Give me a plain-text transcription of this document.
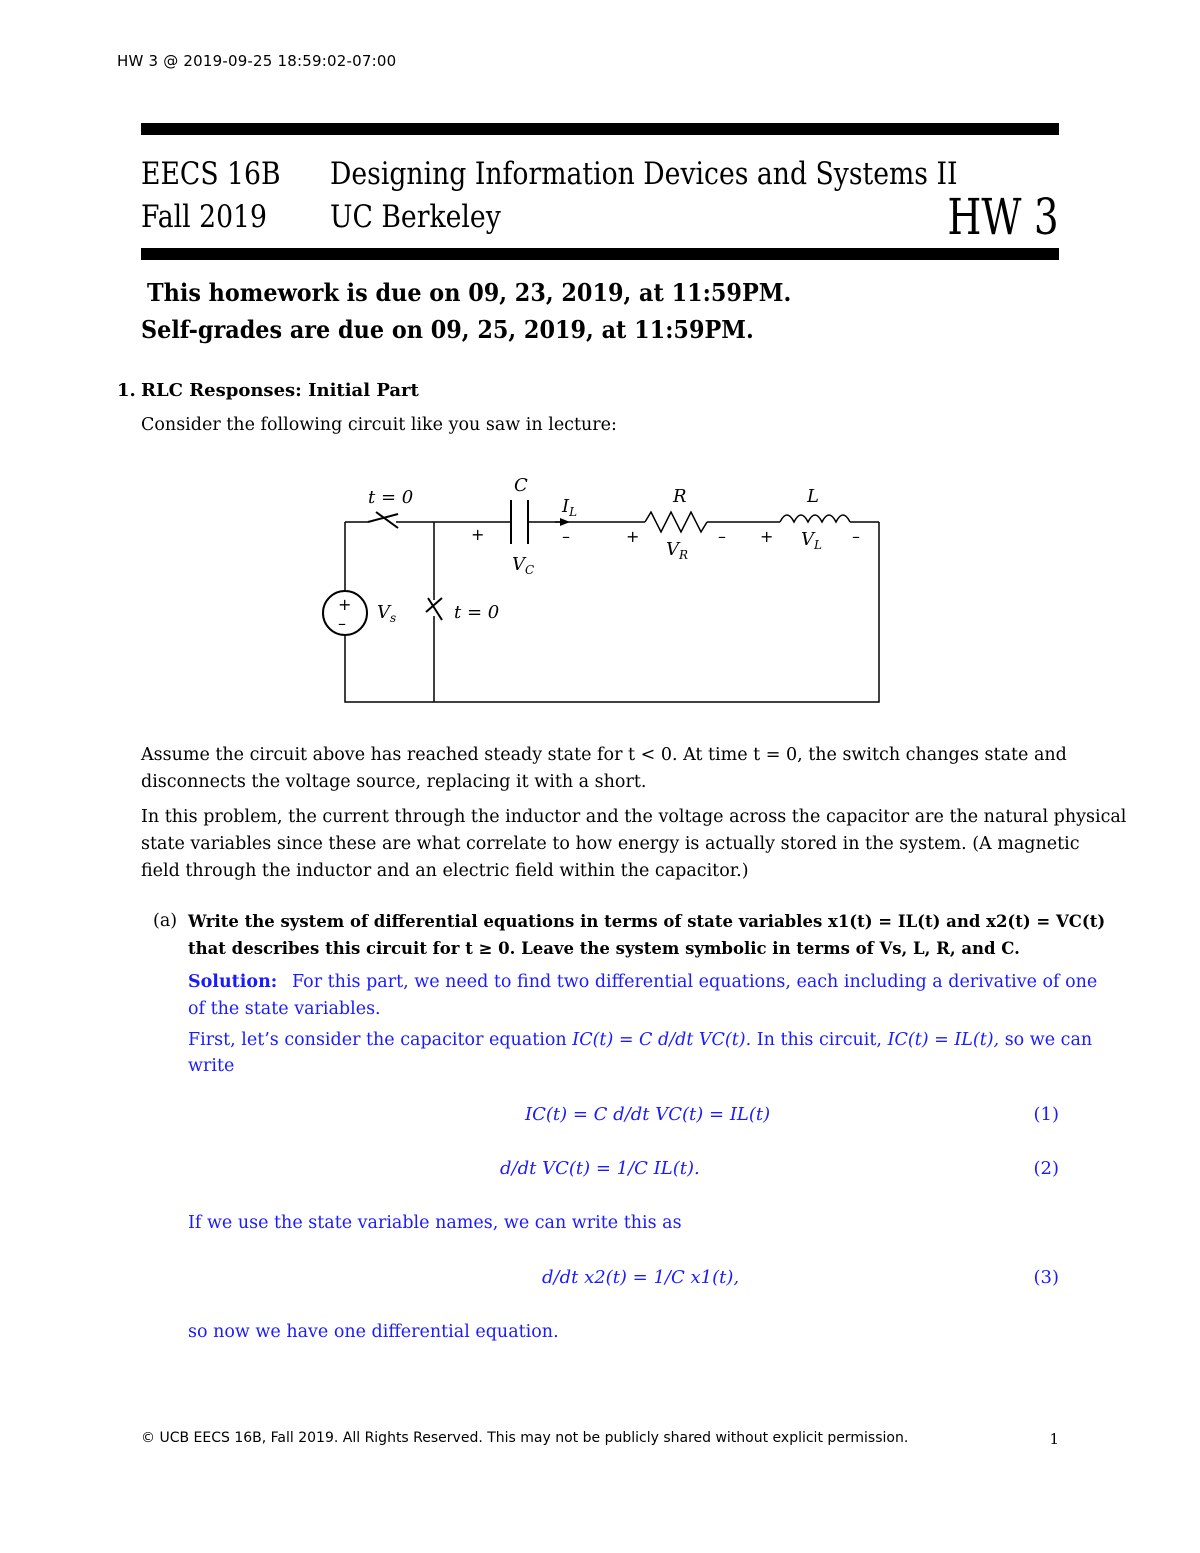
HW 3 @ 2019-09-25 18:59:02-07:00
EECS 16B
Fall 2019
Designing Information Devices and Systems II
UC Berkeley	HW 3
This homework is due on 09, 23, 2019, at 11:59PM.
Self-grades are due on 09, 25, 2019, at 11:59PM.
1. RLC Responses: Initial Part
Consider the following circuit like you saw in lecture:
t = 0
t = 0
C
R	L
$I_L$
$V_C$
$V_R$
$V_L$
$V_s$
+	–	+	– +	–
+
–
Assume the circuit above has reached steady state for t < 0. At time t = 0, the switch changes state and
disconnects the voltage source, replacing it with a short.
In this problem, the current through the inductor and the voltage across the capacitor are the natural physical
state variables since these are what correlate to how energy is actually stored in the system. (A magnetic
field through the inductor and an electric field within the capacitor.)
(a) Write the system of differential equations in terms of state variables x1(t) = IL(t) and x2(t) = VC(t)
that describes this circuit for t ≥ 0. Leave the system symbolic in terms of Vs, L, R, and C.
Solution: For this part, we need to find two differential equations, each including a derivative of one
of the state variables.
First, let’s consider the capacitor equation IC(t) = C d/dt VC(t). In this circuit, IC(t) = IL(t), so we can
write
IC(t) = C d/dt VC(t) = IL(t)	(1)
d/dt VC(t) = 1/C IL(t).	(2)
If we use the state variable names, we can write this as
d/dt x2(t) = 1/C x1(t),	(3)
so now we have one differential equation.
© UCB EECS 16B, Fall 2019. All Rights Reserved. This may not be publicly shared without explicit permission.	1
